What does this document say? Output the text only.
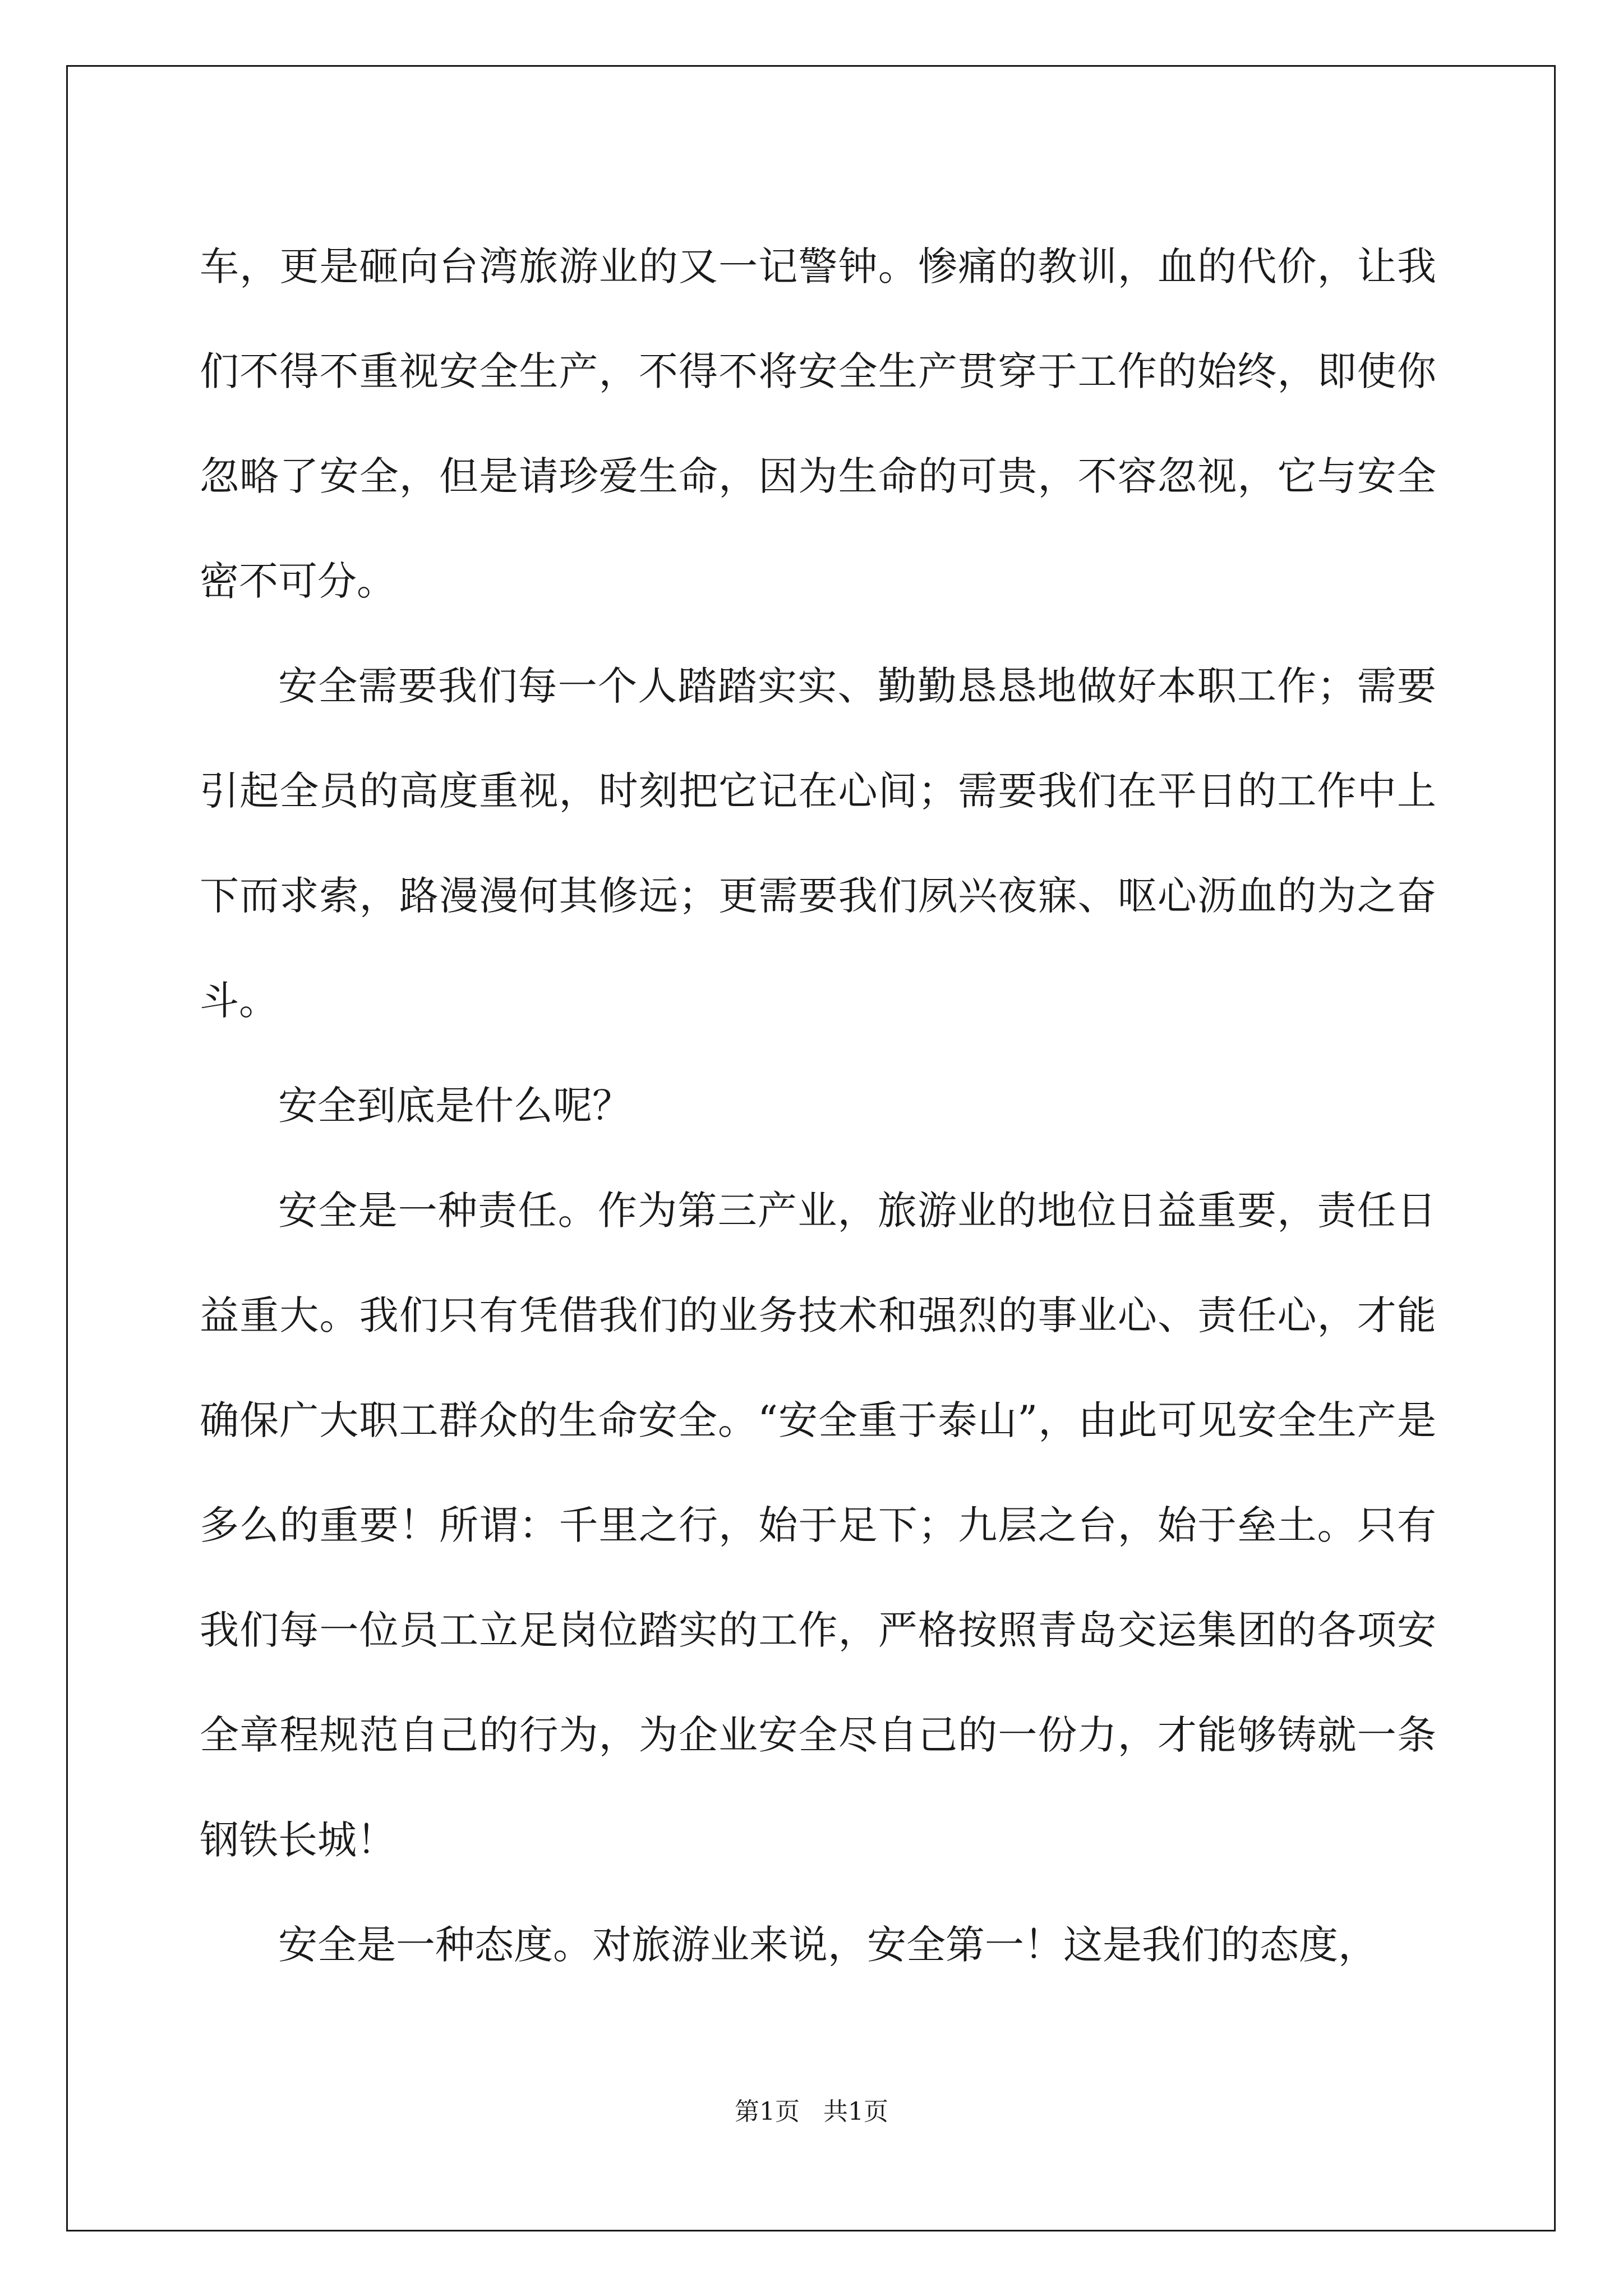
车，更是砸向台湾旅游业的又一记警钟。惨痛的教训，血的代价，让我们不得不重视安全生产，不得不将安全生产贯穿于工作的始终，即使你忽略了安全，但是请珍爱生命，因为生命的可贵，不容忽视，它与安全密不可分。

安全需要我们每一个人踏踏实实、勤勤恳恳地做好本职工作；需要引起全员的高度重视，时刻把它记在心间；需要我们在平日的工作中上下而求索，路漫漫何其修远；更需要我们夙兴夜寐、呕心沥血的为之奋斗。

安全到底是什么呢？

安全是一种责任。作为第三产业，旅游业的地位日益重要，责任日益重大。我们只有凭借我们的业务技术和强烈的事业心、责任心，才能确保广大职工群众的生命安全。“安全重于泰山”，由此可见安全生产是多么的重要！所谓：千里之行，始于足下；九层之台，始于垒土。只有我们每一位员工立足岗位踏实的工作，严格按照青岛交运集团的各项安全章程规范自己的行为，为企业安全尽自己的一份力，才能够铸就一条钢铁长城！

安全是一种态度。对旅游业来说，安全第一！这是我们的态度，

第1页   共1页
